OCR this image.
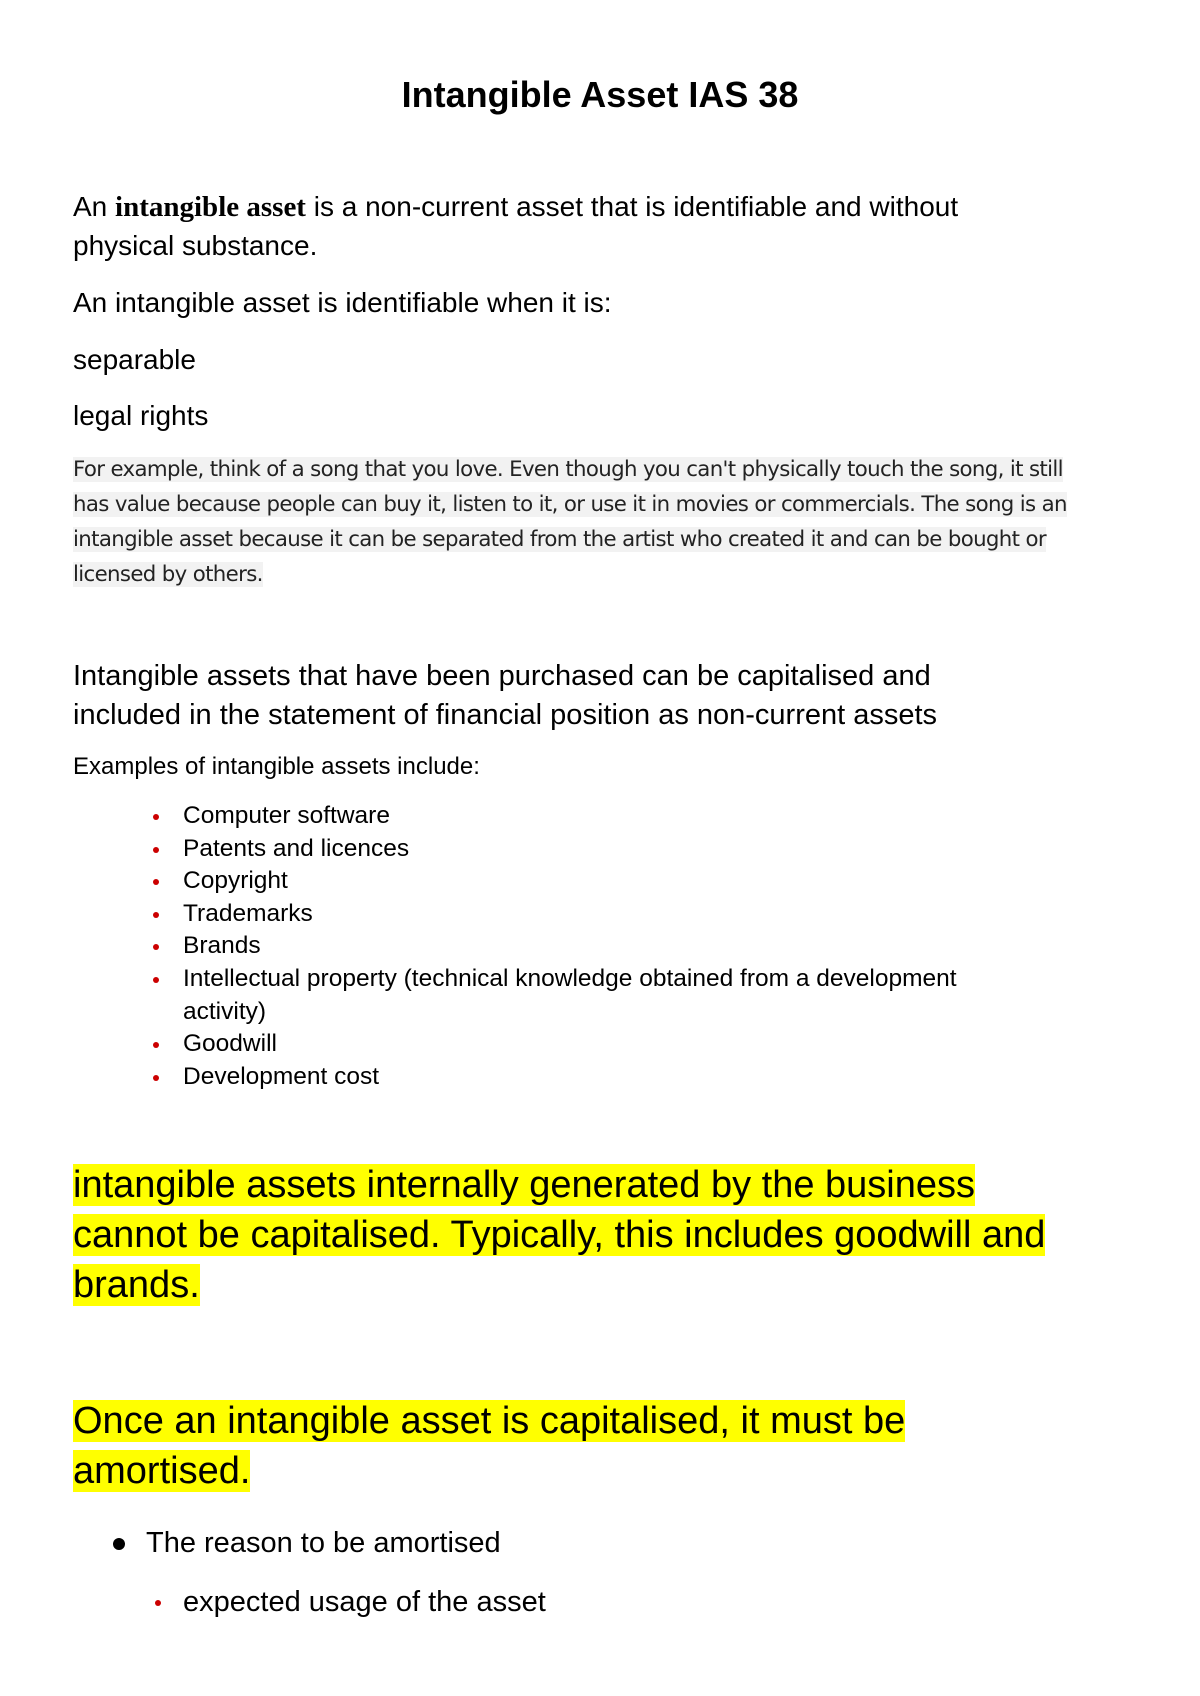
Intangible Asset IAS 38

An intangible asset is a non-current asset that is identifiable and without

physical substance.

An intangible asset is identifiable when it is:

separable

legal rights

For example, think of a song that you love. Even though you can't physically touch the song, it still
has value because people can buy it, listen to it, or use it in movies or commercials. The song is an
intangible asset because it can be separated from the artist who created it and can be bought or
licensed by others.

Intangible assets that have been purchased can be capitalised and

included in the statement of financial position as non-current assets

Examples of intangible assets include:

Computer software
Patents and licences
Copyright
Trademarks
Brands
Intellectual property (technical knowledge obtained from a development
activity)
Goodwill
Development cost
intangible assets internally generated by the business
cannot be capitalised. Typically, this includes goodwill and
brands.
Once an intangible asset is capitalised, it must be
amortised.

The reason to be amortised

expected usage of the asset
